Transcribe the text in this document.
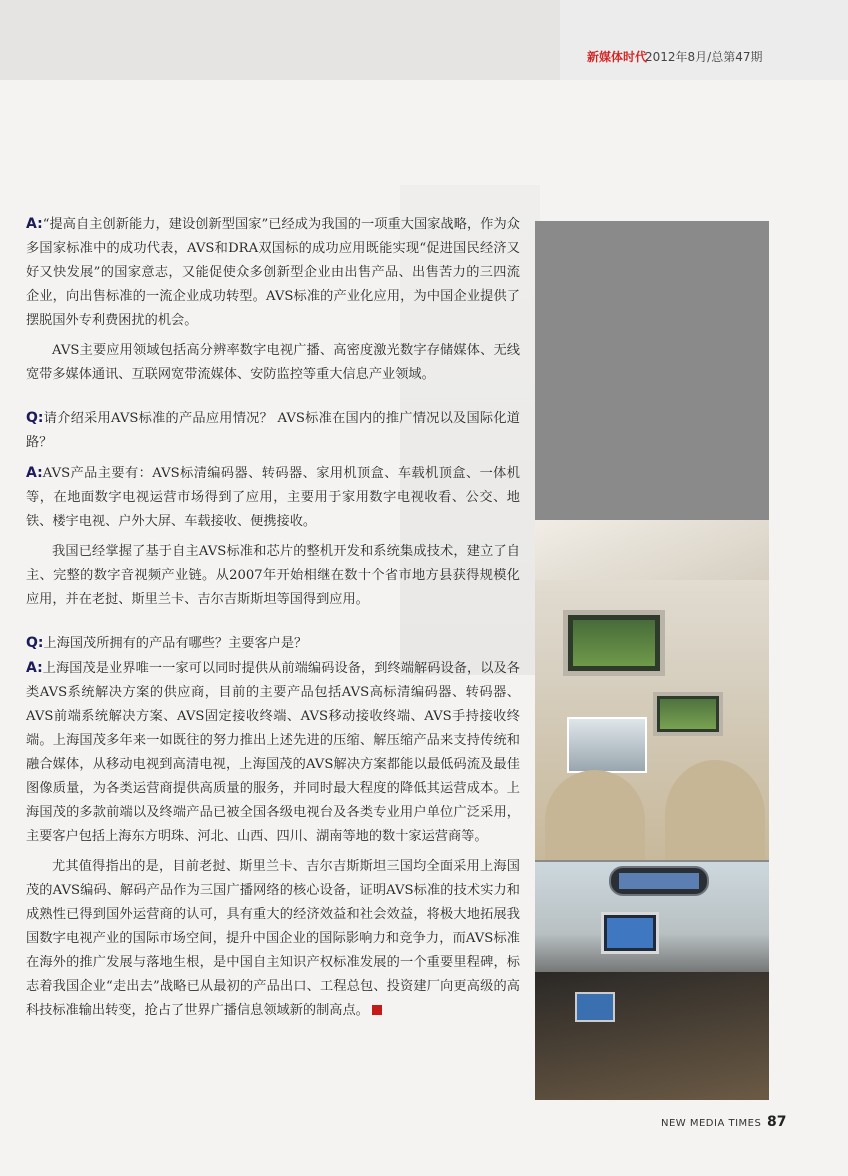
新媒体时代
2012年8月/总第47期

A:“提高自主创新能力，建设创新型国家”已经成为我国的一项重大国家战略，作为众多国家标准中的成功代表，AVS和DRA双国标的成功应用既能实现“促进国民经济又好又快发展”的国家意志，又能促使众多创新型企业由出售产品、出售苦力的三四流企业，向出售标准的一流企业成功转型。AVS标准的产业化应用，为中国企业提供了摆脱国外专利费困扰的机会。

AVS主要应用领域包括高分辨率数字电视广播、高密度激光数字存储媒体、无线宽带多媒体通讯、互联网宽带流媒体、安防监控等重大信息产业领域。

Q:请介绍采用AVS标准的产品应用情况？ AVS标准在国内的推广情况以及国际化道路？

A:AVS产品主要有：AVS标清编码器、转码器、家用机顶盒、车载机顶盒、一体机等，在地面数字电视运营市场得到了应用，主要用于家用数字电视收看、公交、地铁、楼宇电视、户外大屏、车载接收、便携接收。

我国已经掌握了基于自主AVS标准和芯片的整机开发和系统集成技术，建立了自主、完整的数字音视频产业链。从2007年开始相继在数十个省市地方县获得规模化应用，并在老挝、斯里兰卡、吉尔吉斯斯坦等国得到应用。

Q:上海国茂所拥有的产品有哪些？主要客户是？

A:上海国茂是业界唯一一家可以同时提供从前端编码设备，到终端解码设备，以及各类AVS系统解决方案的供应商，目前的主要产品包括AVS高标清编码器、转码器、AVS前端系统解决方案、AVS固定接收终端、AVS移动接收终端、AVS手持接收终端。上海国茂多年来一如既往的努力推出上述先进的压缩、解压缩产品来支持传统和融合媒体，从移动电视到高清电视，上海国茂的AVS解决方案都能以最低码流及最佳图像质量，为各类运营商提供高质量的服务，并同时最大程度的降低其运营成本。上海国茂的多款前端以及终端产品已被全国各级电视台及各类专业用户单位广泛采用，主要客户包括上海东方明珠、河北、山西、四川、湖南等地的数十家运营商等。

尤其值得指出的是，目前老挝、斯里兰卡、吉尔吉斯斯坦三国均全面采用上海国茂的AVS编码、解码产品作为三国广播网络的核心设备，证明AVS标准的技术实力和成熟性已得到国外运营商的认可，具有重大的经济效益和社会效益，将极大地拓展我国数字电视产业的国际市场空间，提升中国企业的国际影响力和竞争力，而AVS标准在海外的推广发展与落地生根，是中国自主知识产权标准发展的一个重要里程碑，标志着我国企业“走出去”战略已从最初的产品出口、工程总包、投资建厂向更高级的高科技标准输出转变，抢占了世界广播信息领域新的制高点。

NEW MEDIA TIMES 87
